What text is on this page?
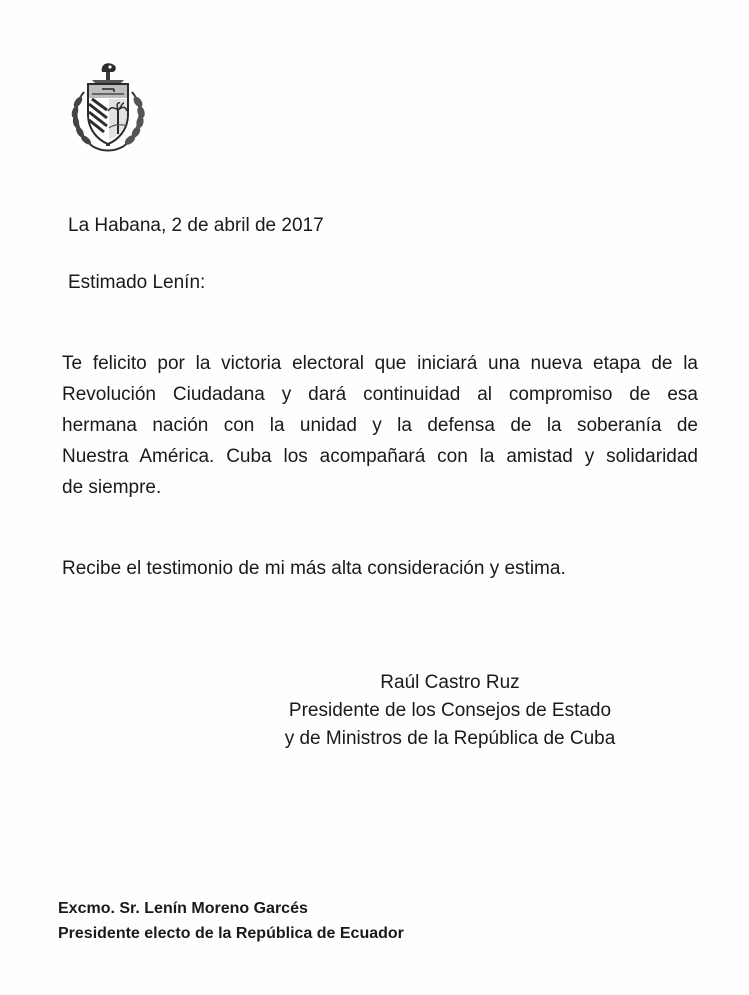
La Habana, 2 de abril de 2017
Estimado Lenín:
Te felicito por la victoria electoral que iniciará una nueva etapa de la
Revolución Ciudadana y dará continuidad al compromiso de esa
hermana nación con la unidad y la defensa de la soberanía de
Nuestra América. Cuba los acompañará con la amistad y solidaridad
de siempre.
Recibe el testimonio de mi más alta consideración y estima.
Raúl Castro Ruz
Presidente de los Consejos de Estado
y de Ministros de la República de Cuba
Excmo. Sr. Lenín Moreno Garcés
Presidente electo de la República de Ecuador
